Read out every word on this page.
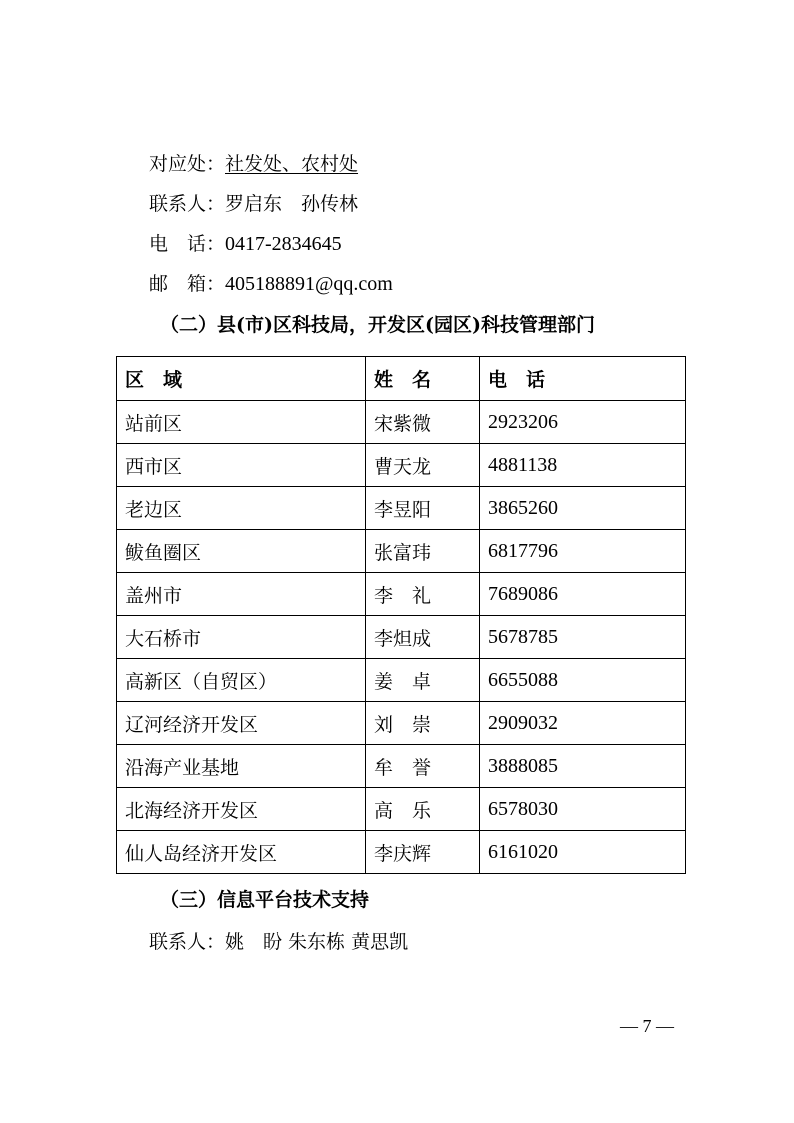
对应处：社发处、农村处
联系人：罗启东　孙传林
电　话：0417-2834645
邮　箱：405188891@qq.com
（二）县(市)区科技局，开发区(园区)科技管理部门
区　域	姓　名	电　话
站前区	宋紫微	2923206
西市区	曹天龙	4881138
老边区	李昱阳	3865260
鲅鱼圈区	张富玮	6817796
盖州市	李　礼	7689086
大石桥市	李炟成	5678785
高新区（自贸区）	姜　卓	6655088
辽河经济开发区	刘　崇	2909032
沿海产业基地	牟　誉	3888085
北海经济开发区	高　乐	6578030
仙人岛经济开发区	李庆辉	6161020
（三）信息平台技术支持
联系人：姚　盼 朱东栋 黄思凯
— 7 —
